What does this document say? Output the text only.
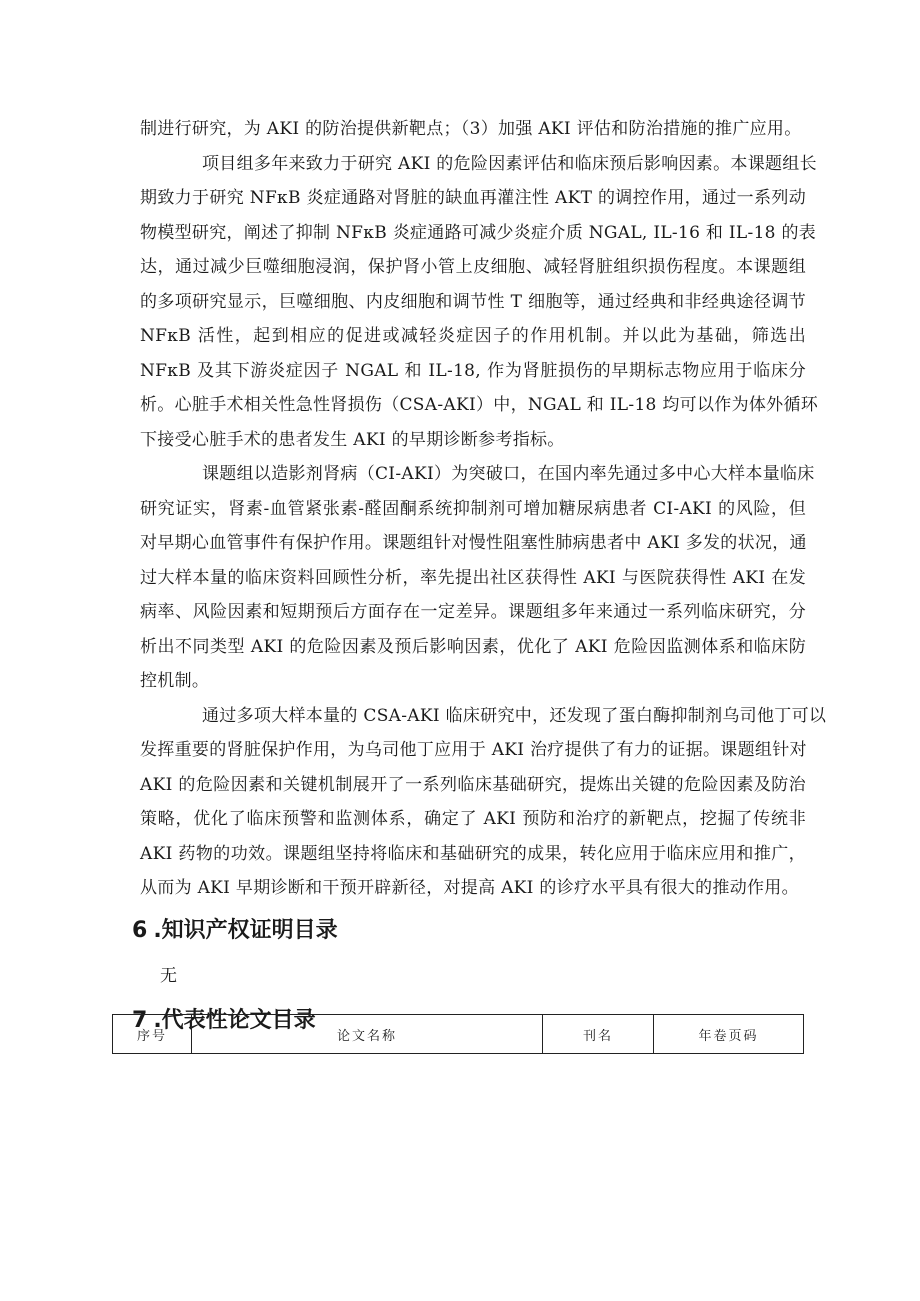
制进行研究，为 AKI 的防治提供新靶点；（3）加强 AKI 评估和防治措施的推广应用。
项目组多年来致力于研究 AKI 的危险因素评估和临床预后影响因素。本课题组长
期致力于研究 NFκB 炎症通路对肾脏的缺血再灌注性 AKT 的调控作用，通过一系列动
物模型研究，阐述了抑制 NFκB 炎症通路可减少炎症介质 NGAL, IL-16 和 IL-18 的表
达，通过减少巨噬细胞浸润，保护肾小管上皮细胞、减轻肾脏组织损伤程度。本课题组
的多项研究显示，巨噬细胞、内皮细胞和调节性 T 细胞等，通过经典和非经典途径调节
NFκB 活性，起到相应的促进或减轻炎症因子的作用机制。并以此为基础，筛选出
NFκB 及其下游炎症因子 NGAL 和 IL-18, 作为肾脏损伤的早期标志物应用于临床分
析。心脏手术相关性急性肾损伤（CSA-AKI）中，NGAL 和 IL-18 均可以作为体外循环
下接受心脏手术的患者发生 AKI 的早期诊断参考指标。
课题组以造影剂肾病（CI-AKI）为突破口，在国内率先通过多中心大样本量临床
研究证实，肾素-血管紧张素-醛固酮系统抑制剂可增加糖尿病患者 CI-AKI 的风险，但
对早期心血管事件有保护作用。课题组针对慢性阻塞性肺病患者中 AKI 多发的状况，通
过大样本量的临床资料回顾性分析，率先提出社区获得性 AKI 与医院获得性 AKI 在发
病率、风险因素和短期预后方面存在一定差异。课题组多年来通过一系列临床研究，分
析出不同类型 AKI 的危险因素及预后影响因素，优化了 AKI 危险因监测体系和临床防
控机制。
通过多项大样本量的 CSA-AKI 临床研究中，还发现了蛋白酶抑制剂乌司他丁可以
发挥重要的肾脏保护作用，为乌司他丁应用于 AKI 治疗提供了有力的证据。课题组针对
AKI 的危险因素和关键机制展开了一系列临床基础研究，提炼出关键的危险因素及防治
策略，优化了临床预警和监测体系，确定了 AKI 预防和治疗的新靶点，挖掘了传统非
AKI 药物的功效。课题组坚持将临床和基础研究的成果，转化应用于临床应用和推广，
从而为 AKI 早期诊断和干预开辟新径，对提高 AKI 的诊疗水平具有很大的推动作用。
6 .知识产权证明目录
无
7 .代表性论文目录
序号	论文名称	刊名	年卷页码
